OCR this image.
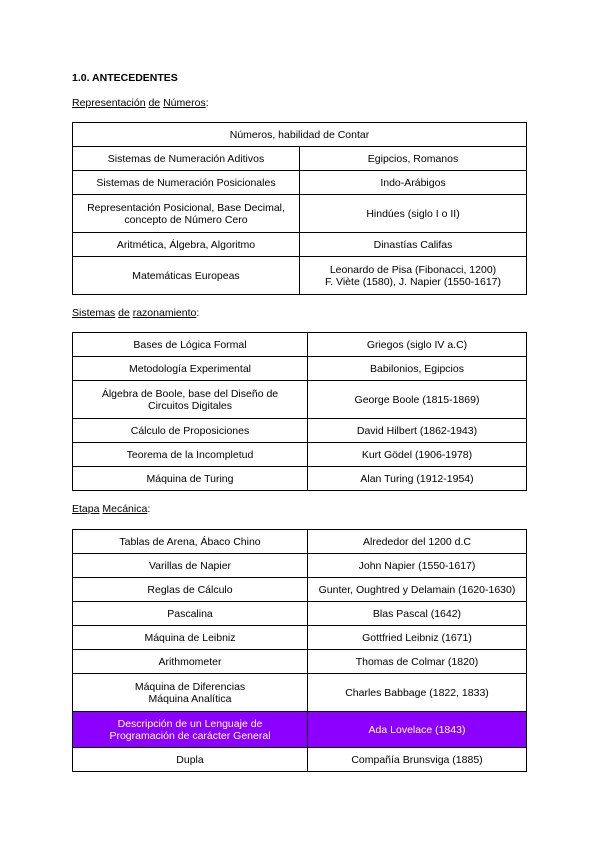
1.0. ANTECEDENTES
Representación de Números:
Números, habilidad de Contar	

Sistemas de Numeración Aditivos	Egipcios, Romanos

Sistemas de Numeración Posicionales	Indo-Arábigos

Representación Posicional, Base Decimal,
concepto de Número Cero	Hindúes (siglo I o II)

Aritmética, Álgebra, Algoritmo	Dinastías Califas

Matemáticas Europeas	Leonardo de Pisa (Fibonacci, 1200)
F. Viète (1580), J. Napier (1550-1617)
Sistemas de razonamiento:
Bases de Lógica Formal	Griegos (siglo IV a.C)

Metodología Experimental	Babilonios, Egipcios

Álgebra de Boole, base del Diseño de
Circuitos Digitales	George Boole (1815-1869)

Cálculo de Proposiciones	David Hilbert (1862-1943)

Teorema de la Incompletud	Kurt Gödel (1906-1978)

Máquina de Turing	Alan Turing (1912-1954)
Etapa Mecánica:
Tablas de Arena, Ábaco Chino	Alrededor del 1200 d.C

Varillas de Napier	John Napier (1550-1617)

Reglas de Cálculo	Gunter, Oughtred y Delamain (1620-1630)

Pascalina	Blas Pascal (1642)

Máquina de Leibniz	Gottfried Leibniz (1671)

Arithmometer	Thomas de Colmar (1820)

Máquina de Diferencias
Máquina Analítica	Charles Babbage (1822, 1833)

Descripción de un Lenguaje de
Programación de carácter General	Ada Lovelace (1843)

Dupla	Compañía Brunsviga (1885)
